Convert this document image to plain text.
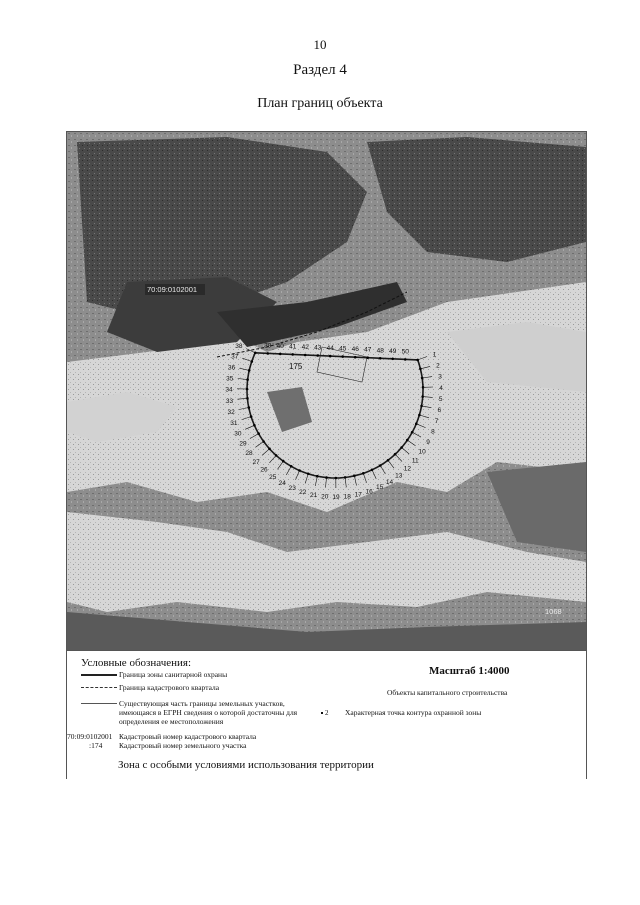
10
Раздел 4
План границ объекта
1
2
3
4
5
6
7
8
9
10
11
12
13
14
15
16
17
18
19
20
21
22
23
24
25
26
27
28
29
30
31
32
33
34
35
36
37
38	39 40 41 42 43 44 45 46 47 48 49 50
70:09:0102001
175
1068
Условные обозначения:
Масштаб 1:4000
Граница зоны санитарной охраны
Граница кадастрового квартала
Существующая часть границы земельных участков, имеющаяся в ЕГРН сведения о которой достаточны для определения ее местоположения
70:09:0102001 Кадастровый номер кадастрового квартала
:174 Кадастровый номер земельного участка
Объекты капитального строительства
2 Характерная точка контура охранной зоны
Зона с особыми условиями использования территории
